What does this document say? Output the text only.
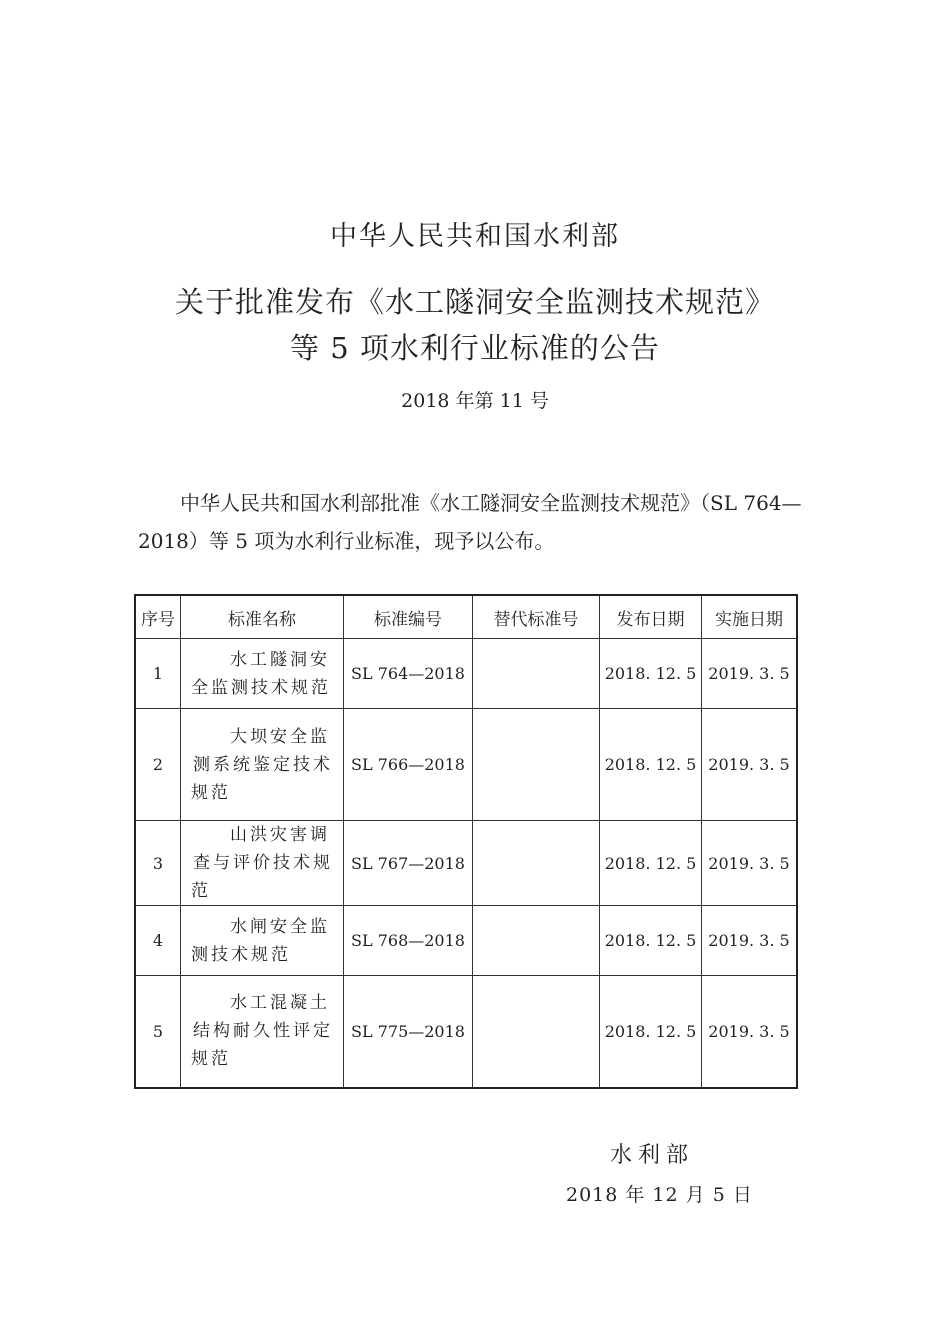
中华人民共和国水利部
关于批准发布《水工隧洞安全监测技术规范》
等 5 项水利行业标准的公告
2018 年第 11 号
中华人民共和国水利部批准《水工隧洞安全监测技术规范》（SL 764—2018）等 5 项为水利行业标准，现予以公布。
序号	标准名称	标准编号	替代标准号	发布日期	实施日期
1	水工隧洞安全监测技术规范	SL 764—2018		2018. 12. 5	2019. 3. 5
2	大坝安全监测系统鉴定技术规范	SL 766—2018		2018. 12. 5	2019. 3. 5
3	山洪灾害调查与评价技术规范	SL 767—2018		2018. 12. 5	2019. 3. 5
4	水闸安全监测技术规范	SL 768—2018		2018. 12. 5	2019. 3. 5
5	水工混凝土结构耐久性评定规范	SL 775—2018		2018. 12. 5	2019. 3. 5
水利部
2018 年 12 月 5 日
